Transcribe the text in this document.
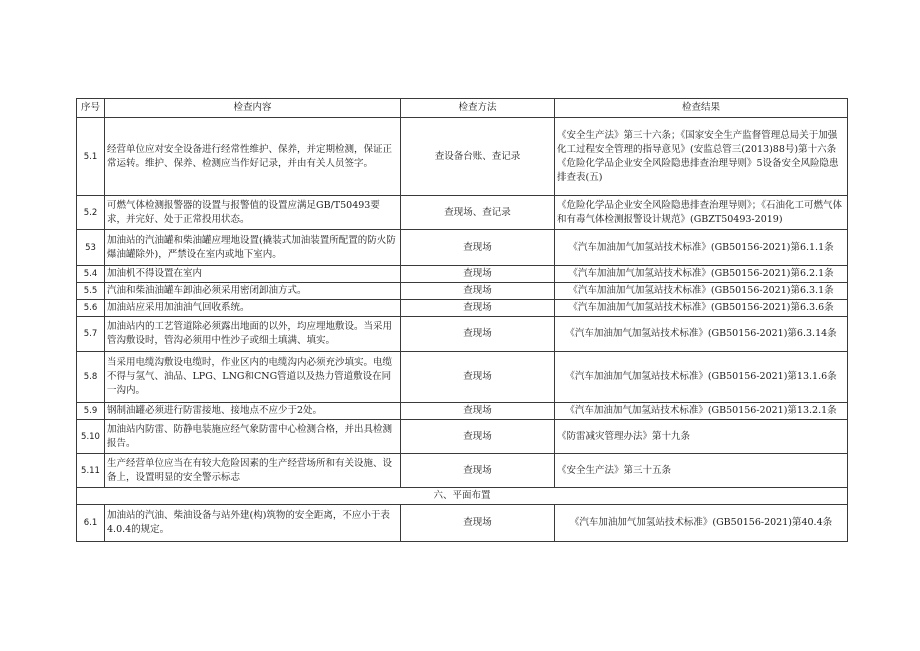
序号	检查内容	检查方法	检查结果
5.1	经营单位应对安全设备进行经常性维护、保养，并定期检测，保证正常运转。维护、保养、检测应当作好记录，并由有关人员签字。	查设备台账、查记录	《安全生产法》第三十六条；《国家安全生产监督管理总局关于加强化工过程安全管理的指导意见》(安监总管三(2013)88号)第十六条《危险化学品企业安全风险隐患排查治理导则》5设备安全风险隐患排查表(五)
5.2	可燃气体检测报警器的设置与报警值的设置应满足GB/T50493要求，并完好、处于正常投用状态。	查现场、查记录	《危险化学品企业安全风险隐患排查治理导则》；《石油化工可燃气体和有毒气体检测报警设计规范》(GBZT50493-2019)
53	加油站的汽油罐和柴油罐应埋地设置(撬装式加油装置所配置的防火防爆油罐除外)，严禁设在室内或地下室内。	查现场	《汽车加油加气加氢站技术标准》(GB50156-2021)第6.1.1条
5.4	加油机不得设置在室内	查现场	《汽车加油加气加氢站技术标准》(GB50156-2021)第6.2.1条
5.5	汽油和柴油油罐车卸油必须采用密闭卸油方式。	查现场	《汽车加油加气加氢站技术标准》(GB50156-2021)第6.3.1条
5.6	加油站应采用加油油气回收系统。	查现场	《汽车加油加气加氢站技术标准》(GB50156-2021)第6.3.6条
5.7	加油站内的工艺管道除必须露出地面的以外，均应埋地敷设。当采用管沟敷设时，管沟必须用中性沙子或细土填满、填实。	查现场	《汽车加油加气加氢站技术标准》(GB50156-2021)第6.3.14条
5.8	当采用电缆沟敷设电缆时，作业区内的电缆沟内必须充沙填实。电缆不得与氢气、油品、LPG、LNG和CNG管道以及热力管道敷设在同一沟内。	查现场	《汽车加油加气加氢站技术标准》(GB50156-2021)第13.1.6条
5.9	钢制油罐必须进行防雷接地、接地点不应少于2处。	查现场	《汽车加油加气加氢站技术标准》(GB50156-2021)第13.2.1条
5.10	加油站内防雷、防静电装施应经气象防雷中心检测合格，并出具检测报告。	查现场	《防雷减灾管理办法》第十九条
5.11	生产经营单位应当在有较大危险因素的生产经营场所和有关设施、设备上，设置明显的安全警示标志	查现场	《安全生产法》第三十五条
六、平面布置			
6.1	加油站的汽油、柴油设备与站外建(构)筑物的安全距离，不应小于表4.0.4的规定。	查现场	《汽车加油加气加氢站技术标准》(GB50156-2021)第40.4条
